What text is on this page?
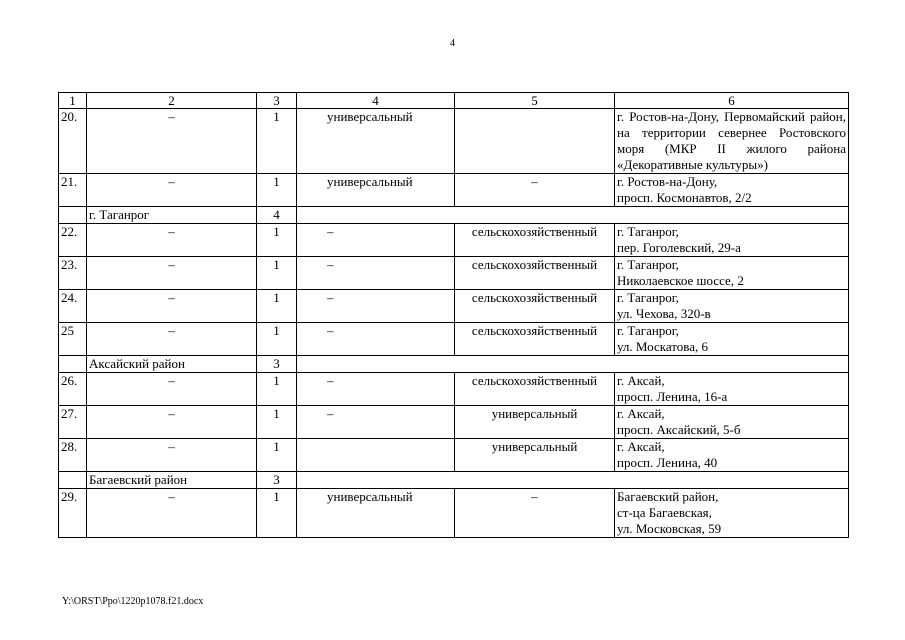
4
1	2	3	4	5	6
20.	–	1	универсальный		г. Ростов-на-Дону, Первомайский район, на территории севернее Ростовского моря (МКР II жилого района «Декоративные культуры»)

21.	–	1	универсальный	–	г. Ростов-на-Дону,
просп. Космонавтов, 2/2

	г. Таганрог	4			
22.	–	1	–	сельскохозяйственный	г. Таганрог,
пер. Гоголевский, 29-а

23.	–	1	–	сельскохозяйственный	г. Таганрог,
Николаевское шоссе, 2

24.	–	1	–	сельскохозяйственный	г. Таганрог,
ул. Чехова, 320-в

25	–	1	–	сельскохозяйственный	г. Таганрог,
ул. Москатова, 6

	Аксайский район	3			
26.	–	1	–	сельскохозяйственный	г. Аксай,
просп. Ленина, 16-а

27.	–	1	–	универсальный	г. Аксай,
просп. Аксайский, 5-б

28.	–	1		универсальный	г. Аксай,
просп. Ленина, 40

	Багаевский район	3			
29.	–	1	универсальный	–	Багаевский район,
ст-ца Багаевская,
ул. Московская, 59
Y:\ORST\Ppo\1220p1078.f21.docx
